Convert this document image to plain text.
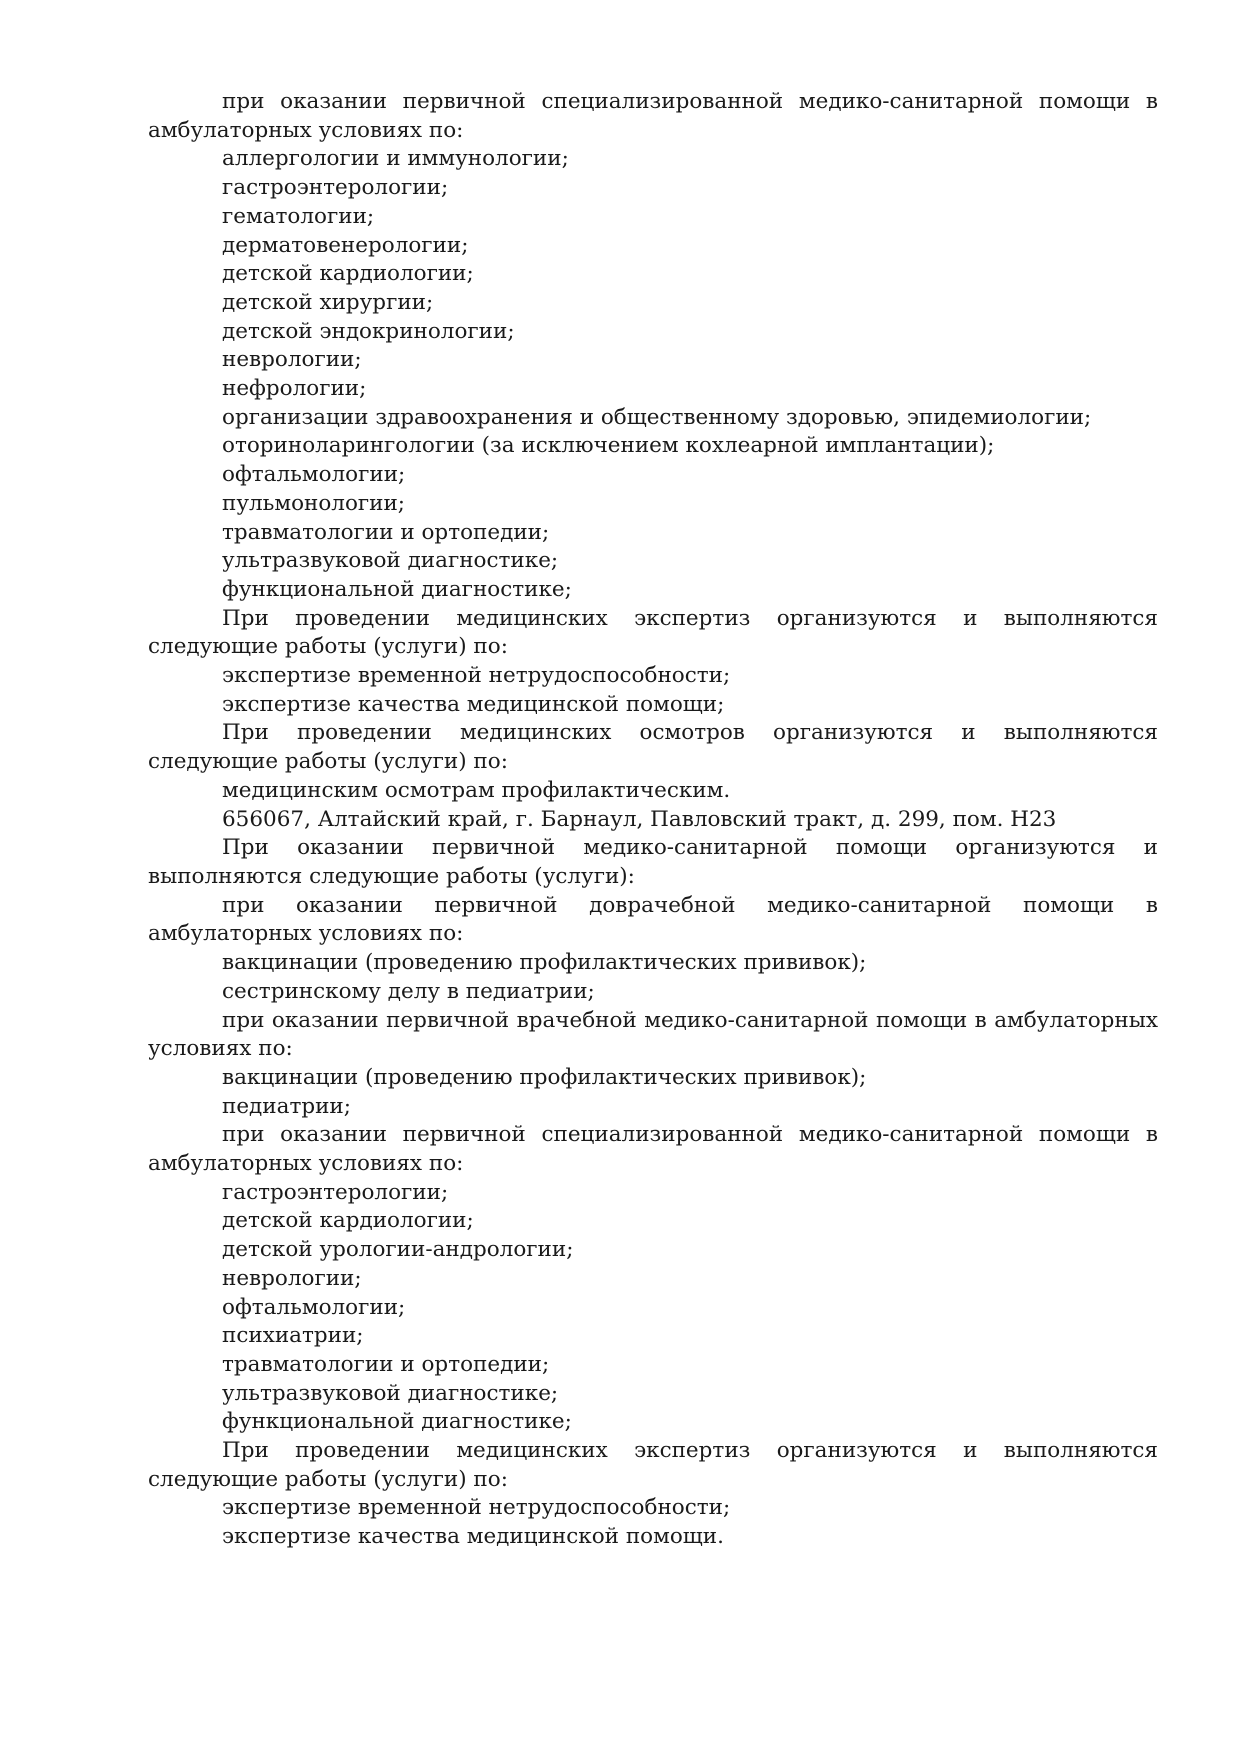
при оказании первичной специализированной медико-санитарной помощи в амбулаторных условиях по:

аллергологии и иммунологии;

гастроэнтерологии;

гематологии;

дерматовенерологии;

детской кардиологии;

детской хирургии;

детской эндокринологии;

неврологии;

нефрологии;

организации здравоохранения и общественному здоровью, эпидемиологии;

оториноларингологии (за исключением кохлеарной имплантации);

офтальмологии;

пульмонологии;

травматологии и ортопедии;

ультразвуковой диагностике;

функциональной диагностике;

При проведении медицинских экспертиз организуются и выполняются следующие работы (услуги) по:

экспертизе временной нетрудоспособности;

экспертизе качества медицинской помощи;

При проведении медицинских осмотров организуются и выполняются следующие работы (услуги) по:

медицинским осмотрам профилактическим.

656067, Алтайский край, г. Барнаул, Павловский тракт, д. 299, пом. Н23

При оказании первичной медико-санитарной помощи организуются и выполняются следующие работы (услуги):

при оказании первичной доврачебной медико-санитарной помощи в амбулаторных условиях по:

вакцинации (проведению профилактических прививок);

сестринскому делу в педиатрии;

при оказании первичной врачебной медико-санитарной помощи в амбулаторных условиях по:

вакцинации (проведению профилактических прививок);

педиатрии;

при оказании первичной специализированной медико-санитарной помощи в амбулаторных условиях по:

гастроэнтерологии;

детской кардиологии;

детской урологии-андрологии;

неврологии;

офтальмологии;

психиатрии;

травматологии и ортопедии;

ультразвуковой диагностике;

функциональной диагностике;

При проведении медицинских экспертиз организуются и выполняются следующие работы (услуги) по:

экспертизе временной нетрудоспособности;

экспертизе качества медицинской помощи.
